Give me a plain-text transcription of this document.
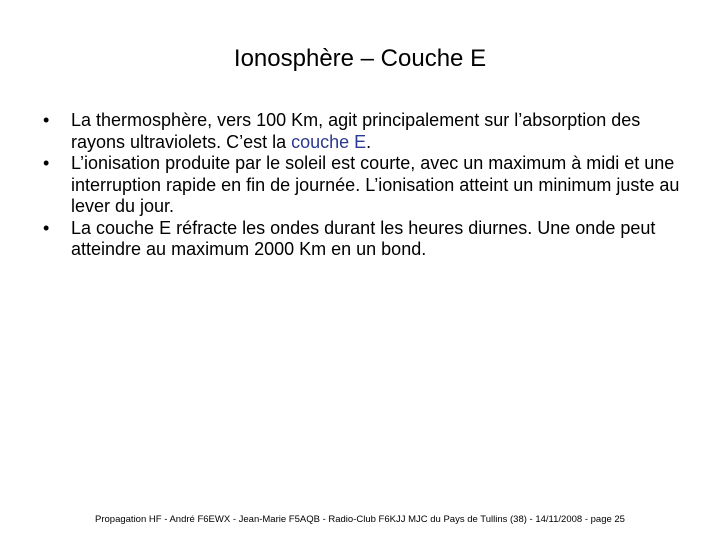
Ionosphère – Couche E
•	La thermosphère, vers 100 Km, agit principalement sur l’absorption des rayons ultraviolets. C’est la couche E.
•	L’ionisation produite par le soleil est courte, avec un maximum à midi et une interruption rapide en fin de journée. L’ionisation atteint un minimum juste au lever du jour.
•	La couche E réfracte les ondes durant les heures diurnes. Une onde peut atteindre au maximum 2000 Km en un bond.
Propagation HF - André F6EWX - Jean-Marie F5AQB - Radio-Club F6KJJ MJC du Pays de Tullins (38) - 14/11/2008 - page 25
